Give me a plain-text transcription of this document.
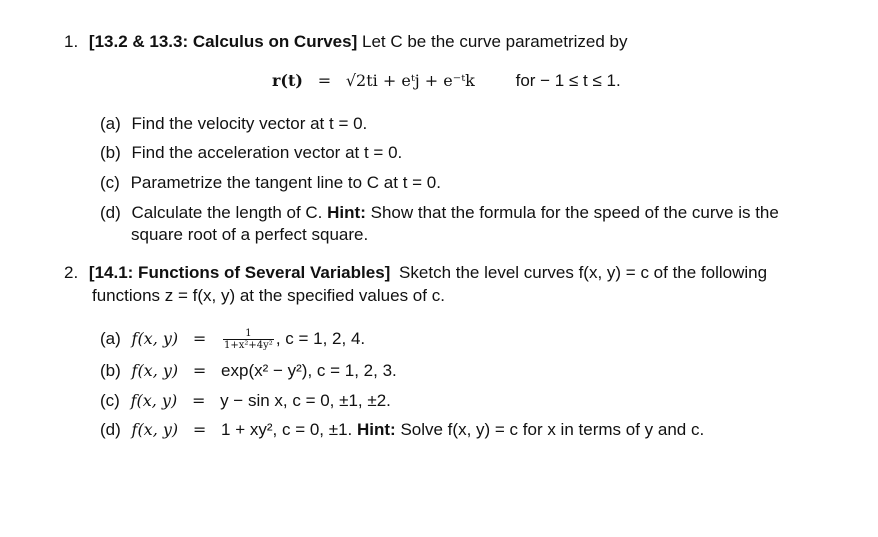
1. [13.2 & 13.3: Calculus on Curves] Let C be the curve parametrized by
r(t) = √2ti + eᵗj + e⁻ᵗk for − 1 ≤ t ≤ 1.
(a) Find the velocity vector at t = 0.
(b) Find the acceleration vector at t = 0.
(c) Parametrize the tangent line to C at t = 0.
(d) Calculate the length of C. Hint: Show that the formula for the speed of the curve is the
square root of a perfect square.
2. [14.1: Functions of Several Variables] Sketch the level curves f(x, y) = c of the following
functions z = f(x, y) at the specified values of c.
(a) f(x, $y) = \frac{1}{\text{1+x²+4y²}}$ , c = 1, 2, 4.
(b) f(x, y) = exp(x² − y²), c = 1, 2, 3.
(c) f(x, y) = y − sin x, c = 0, ±1, ±2.
(d) f(x, y) = 1 + xy², c = 0, ±1. Hint: Solve f(x, y) = c for x in terms of y and c.
